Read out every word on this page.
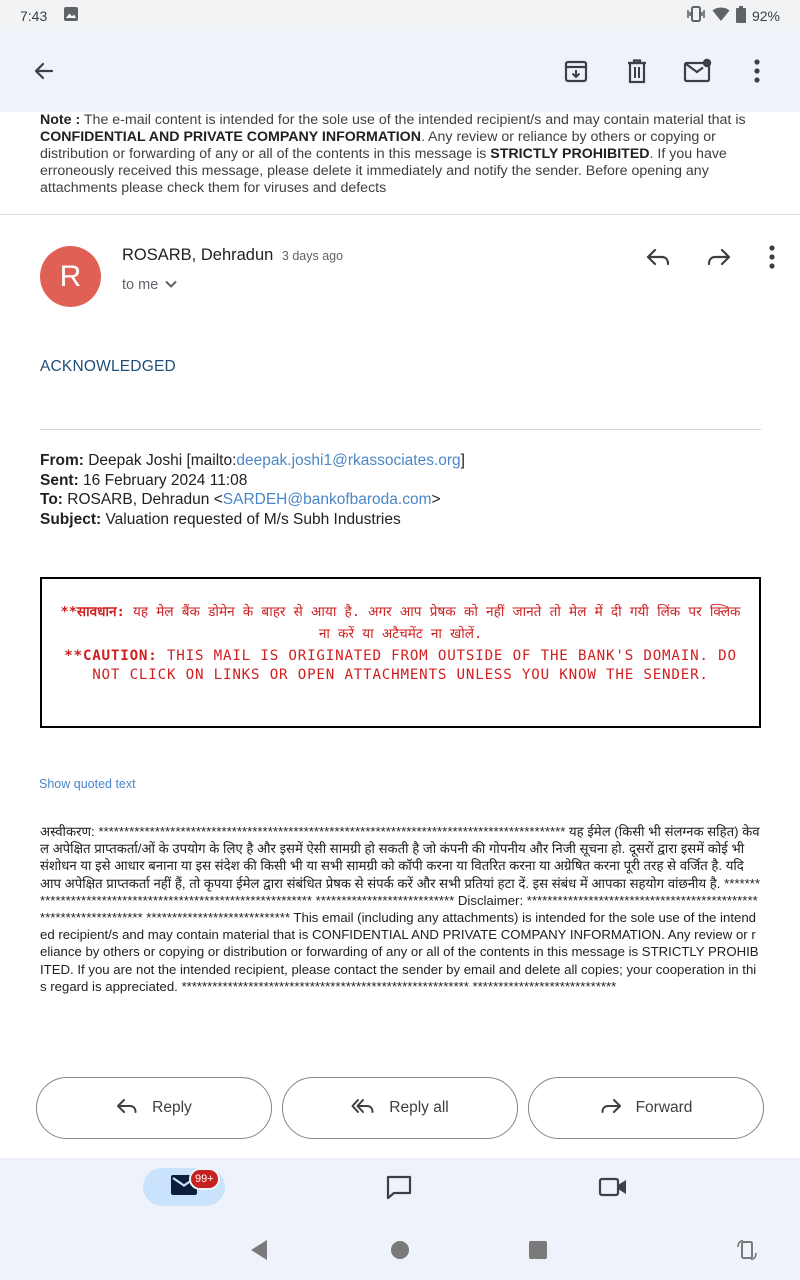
7:43	92%
Note : The e-mail content is intended for the sole use of the intended recipient/s and may contain material that is CONFIDENTIAL AND PRIVATE COMPANY INFORMATION. Any review or reliance by others or copying or distribution or forwarding of any or all of the contents in this message is STRICTLY PROHIBITED. If you have erroneously received this message, please delete it immediately and notify the sender. Before opening any attachments please check them for viruses and defects
R
ROSARB, Dehradun 3 days ago
to me
ACKNOWLEDGED
From: Deepak Joshi [mailto:deepak.joshi1@rkassociates.org]
Sent: 16 February 2024 11:08
To: ROSARB, Dehradun <SARDEH@bankofbaroda.com>
Subject: Valuation requested of M/s Subh Industries
**सावधान: यह मेल बैंक डोमेन के बाहर से आया है. अगर आप प्रेषक को नहीं जानते तो मेल में दी गयी लिंक पर क्लिक ना करें या अटैचमेंट ना खोलें.
**CAUTION: THIS MAIL IS ORIGINATED FROM OUTSIDE OF THE BANK'S DOMAIN. DO NOT CLICK ON LINKS OR OPEN ATTACHMENTS UNLESS YOU KNOW THE SENDER.
Show quoted text
अस्वीकरण: ******************************************************************************************* यह ईमेल (किसी भी संलग्नक सहित) केवल अपेक्षित प्राप्तकर्ता/ओं के उपयोग के लिए है और इसमें ऐसी सामग्री हो सकती है जो कंपनी की गोपनीय और निजी सूचना हो. दूसरों द्वारा इसमें कोई भी संशोधन या इसे आधार बनाना या इस संदेश की किसी भी या सभी सामग्री को कॉपी करना या वितरित करना या अग्रेषित करना पूरी तरह से वर्जित है. यदि आप अपेक्षित प्राप्तकर्ता नहीं हैं, तो कृपया ईमेल द्वारा संबंधित प्रेषक से संपर्क करें और सभी प्रतियां हटा दें. इस संबंध में आपका सहयोग वांछनीय है. ************************************************************ *************************** Disclaimer: ***************************************************************** **************************** This email (including any attachments) is intended for the sole use of the intended recipient/s and may contain material that is CONFIDENTIAL AND PRIVATE COMPANY INFORMATION. Any review or reliance by others or copying or distribution or forwarding of any or all of the contents in this message is STRICTLY PROHIBITED. If you are not the intended recipient, please contact the sender by email and delete all copies; your cooperation in this regard is appreciated. ******************************************************** ****************************
Reply	Reply all	Forward
99+
